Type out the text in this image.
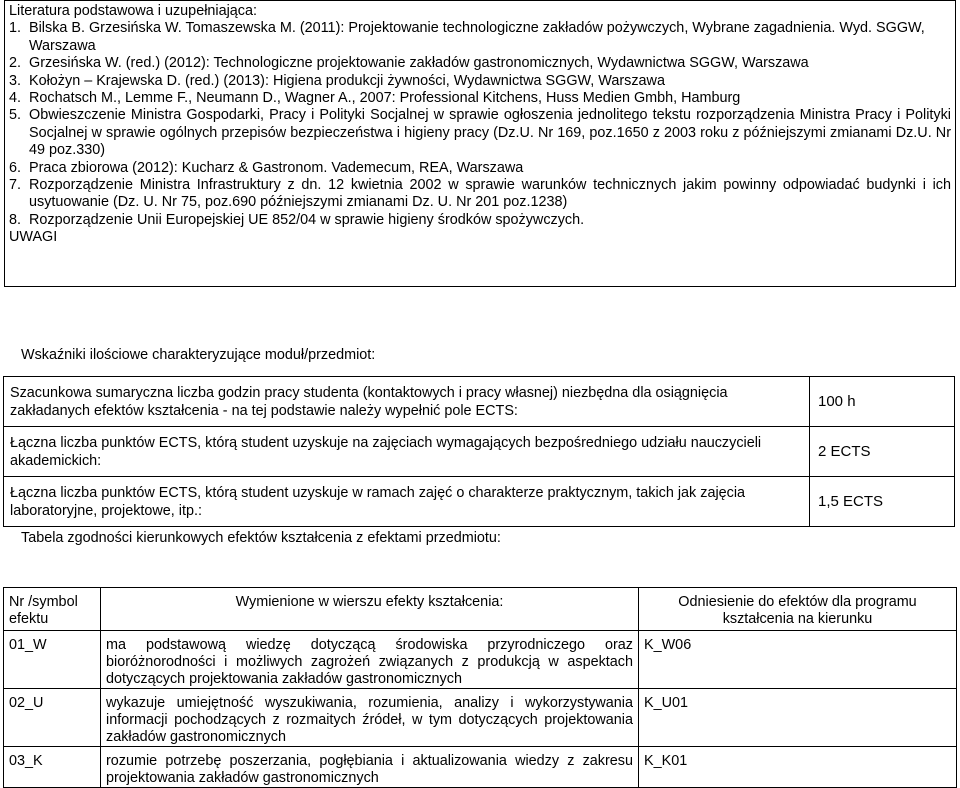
Literatura podstawowa i uzupełniająca:
1. Bilska B. Grzesińska W. Tomaszewska M. (2011): Projektowanie technologiczne zakładów pożywczych, Wybrane zagadnienia. Wyd. SGGW, Warszawa
2. Grzesińska W. (red.) (2012): Technologiczne projektowanie zakładów gastronomicznych, Wydawnictwa SGGW, Warszawa
3. Kołożyn – Krajewska D. (red.) (2013): Higiena produkcji żywności, Wydawnictwa SGGW, Warszawa
4. Rochatsch M., Lemme F., Neumann D., Wagner A., 2007: Professional Kitchens, Huss Medien Gmbh, Hamburg
5. Obwieszczenie Ministra Gospodarki, Pracy i Polityki Socjalnej w sprawie ogłoszenia jednolitego tekstu rozporządzenia Ministra Pracy i Polityki Socjalnej w sprawie ogólnych przepisów bezpieczeństwa i higieny pracy (Dz.U. Nr 169, poz.1650 z 2003 roku z późniejszymi zmianami Dz.U. Nr 49 poz.330)
6. Praca zbiorowa (2012): Kucharz & Gastronom. Vademecum, REA, Warszawa
7. Rozporządzenie Ministra Infrastruktury z dn. 12 kwietnia 2002 w sprawie warunków technicznych jakim powinny odpowiadać budynki i ich usytuowanie (Dz. U. Nr 75, poz.690 późniejszymi zmianami Dz. U. Nr 201 poz.1238)
8. Rozporządzenie Unii Europejskiej UE 852/04 w sprawie higieny środków spożywczych.
UWAGI
Wskaźniki ilościowe charakteryzujące moduł/przedmiot:
Szacunkowa sumaryczna liczba godzin pracy studenta (kontaktowych i pracy własnej) niezbędna dla osiągnięcia zakładanych efektów kształcenia - na tej podstawie należy wypełnić pole ECTS:	100 h
Łączna liczba punktów ECTS, którą student uzyskuje na zajęciach wymagających bezpośredniego udziału nauczycieli akademickich:	2 ECTS
Łączna liczba punktów ECTS, którą student uzyskuje w ramach zajęć o charakterze praktycznym, takich jak zajęcia laboratoryjne, projektowe, itp.:	1,5 ECTS
Tabela zgodności kierunkowych efektów kształcenia z efektami przedmiotu:
Nr /symbol efektu	Wymienione w wierszu efekty kształcenia:	Odniesienie do efektów dla programu kształcenia na kierunku
01_W	ma podstawową wiedzę dotyczącą środowiska przyrodniczego oraz bioróżnorodności i możliwych zagrożeń związanych z produkcją w aspektach dotyczących projektowania zakładów gastronomicznych	K_W06
02_U	wykazuje umiejętność wyszukiwania, rozumienia, analizy i wykorzystywania informacji pochodzących z rozmaitych źródeł, w tym dotyczących projektowania zakładów gastronomicznych	K_U01
03_K	rozumie potrzebę poszerzania, pogłębiania i aktualizowania wiedzy z zakresu projektowania zakładów gastronomicznych	K_K01
